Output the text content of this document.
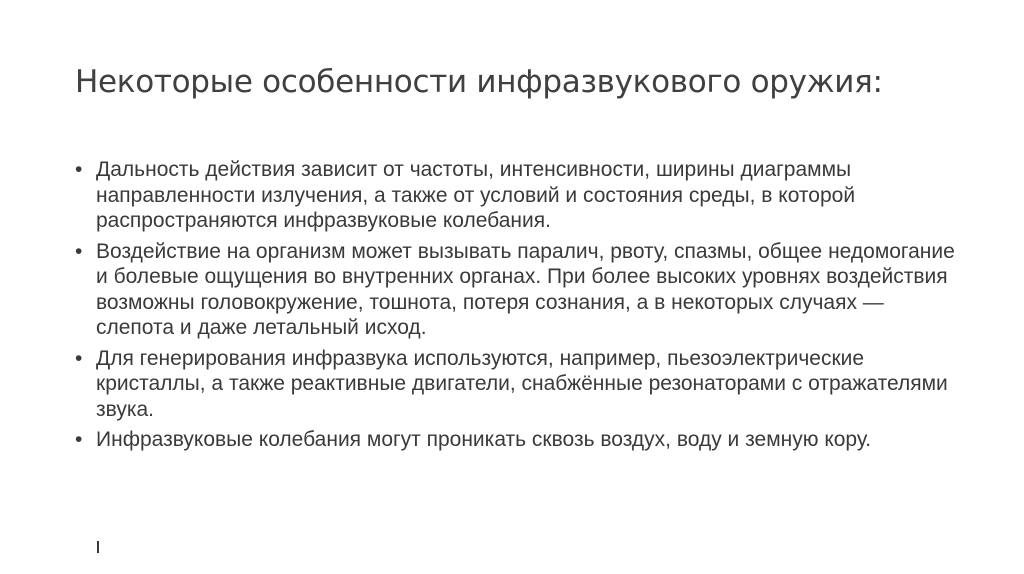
Некоторые особенности инфразвукового оружия:
• Дальность действия зависит от частоты, интенсивности, ширины диаграммы направленности излучения, а также от условий и состояния среды, в которой распространяются инфразвуковые колебания.
• Воздействие на организм может вызывать паралич, рвоту, спазмы, общее недомогание и болевые ощущения во внутренних органах. При более высоких уровнях воздействия возможны головокружение, тошнота, потеря сознания, а в некоторых случаях — слепота и даже летальный исход.
• Для генерирования инфразвука используются, например, пьезоэлектрические кристаллы, а также реактивные двигатели, снабжённые резонаторами с отражателями звука.
• Инфразвуковые колебания могут проникать сквозь воздух, воду и земную кору.
